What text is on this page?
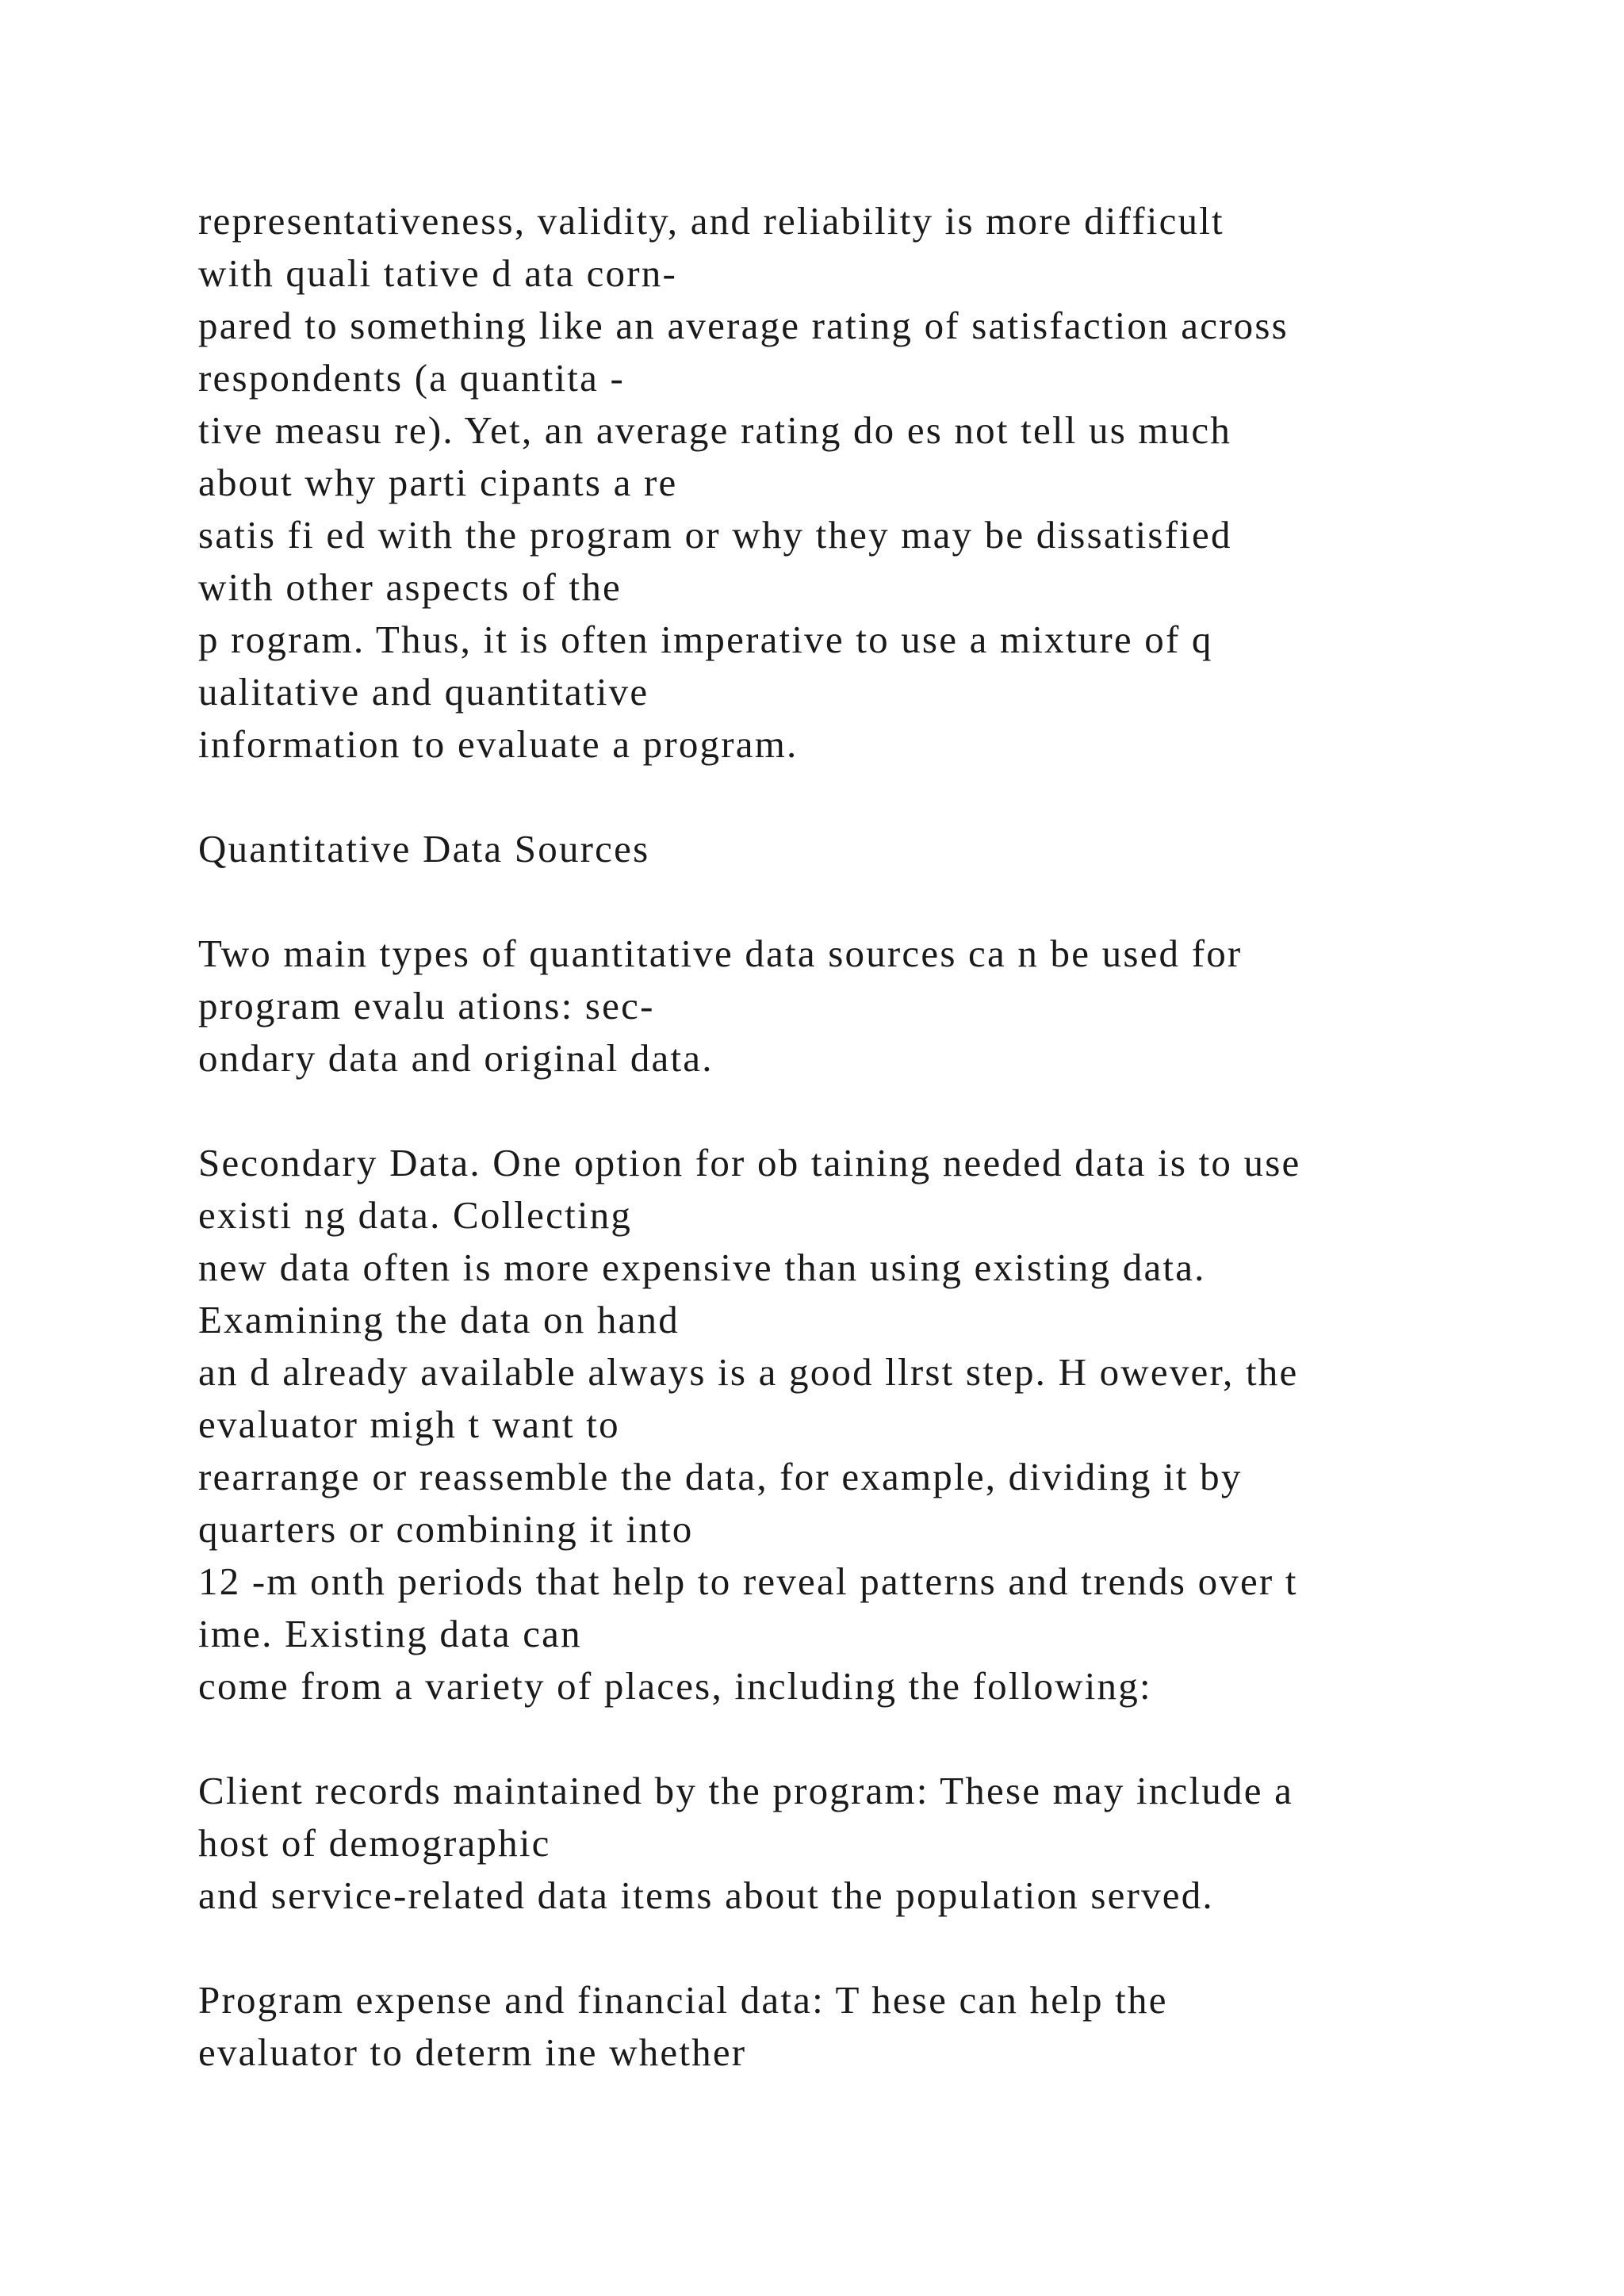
representativeness, validity, and reliability is more difficult
with quali tative d ata corn-
pared to something like an average rating of satisfaction across
respondents (a quantita -
tive measu re). Yet, an average rating do es not tell us much
about why parti cipants a re
satis fi ed with the program or why they may be dissatisfied
with other aspects of the
p rogram. Thus, it is often imperative to use a mixture of q
ualitative and quantitative
information to evaluate a program.
Quantitative Data Sources
Two main types of quantitative data sources ca n be used for
program evalu ations: sec-
ondary data and original data.
Secondary Data. One option for ob taining needed data is to use
existi ng data. Collecting
new data often is more expensive than using existing data.
Examining the data on hand
an d already available always is a good llrst step. H owever, the
evaluator migh t want to
rearrange or reassemble the data, for example, dividing it by
quarters or combining it into
12 -m onth periods that help to reveal patterns and trends over t
ime. Existing data can
come from a variety of places, including the following:
Client records maintained by the program: These may include a
host of demographic
and service-related data items about the population served.
Program expense and financial data: T hese can help the
evaluator to determ ine whether
